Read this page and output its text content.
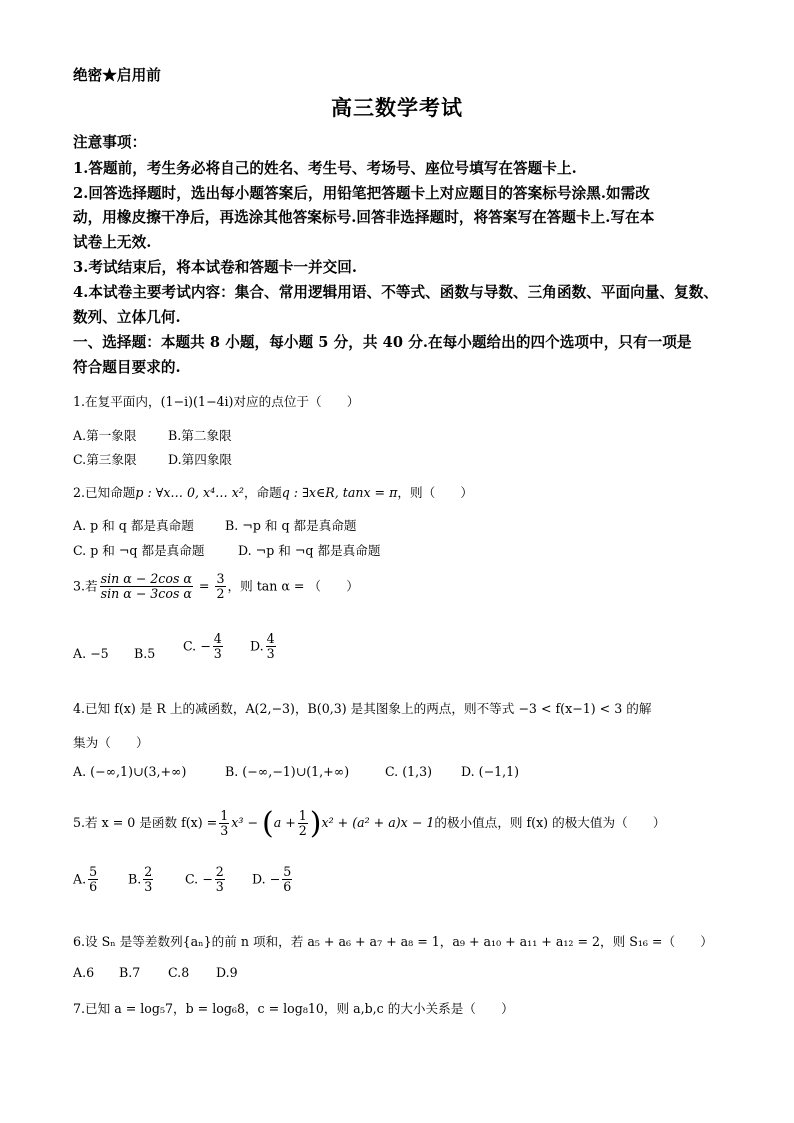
绝密★启用前
高三数学考试
注意事项：
1.答题前，考生务必将自己的姓名、考生号、考场号、座位号填写在答题卡上.
2.回答选择题时，选出每小题答案后，用铅笔把答题卡上对应题目的答案标号涂黑.如需改
动，用橡皮擦干净后，再选涂其他答案标号.回答非选择题时，将答案写在答题卡上.写在本
试卷上无效.
3.考试结束后，将本试卷和答题卡一并交回.
4.本试卷主要考试内容：集合、常用逻辑用语、不等式、函数与导数、三角函数、平面向量、复数、
数列、立体几何.
一、选择题：本题共 8 小题，每小题 5 分，共 40 分.在每小题给出的四个选项中，只有一项是
符合题目要求的.
1.在复平面内，(1−i)(1−4i)对应的点位于（　　）
A.第一象限	B.第二象限
C.第三象限 D.第四象限
2.已知命题p : ∀x… 0, x⁴… x²，命题q : ∃x∈R, tanx = π，则（　　）
A. p 和 q 都是真命题 B. ¬p 和 q 都是真命题
C. p 和 ¬q 都是真命题	D. ¬p 和 ¬q 都是真命题
3.若 $\frac{\text{sin α − 2cos α}}{\text{sin α − 3cos α}} = \frac{3}{2}$ ，则 tan α = （　　）
A. −5 B.5
C. − $\frac{4}{3} D$. $\frac{4}{3}$
4.已知 f(x) 是 R 上的减函数，A(2,−3)，B(0,3) 是其图象上的两点，则不等式 −3 < f(x−1) < 3 的解
集为（　　）
A. (−∞,1)∪(3,+∞)	B. (−∞,−1)∪(1,+∞)	C. (1,3) D. (−1,1)
5.若 x = 0 是函数 $f(x) = \frac{1}{3} x^3 - (a + \frac{1}{2} )x^2 + (a^2 + a)x - 1$的极小值点，则 f(x) 的极大值为（　　）
A. $\frac{5}{6} B$. $\frac{2}{3}$	C. − $\frac{2}{3} D$. − $\frac{5}{6}$
6.设 Sₙ 是等差数列{aₙ}的前 n 项和，若 a₅ + a₆ + a₇ + a₈ = 1，a₉ + a₁₀ + a₁₁ + a₁₂ = 2，则 S₁₆ =（　　）
A.6 B.7 C.8 D.9
7.已知 a = log₅7，b = log₆8，c = log₈10，则 a,b,c 的大小关系是（　　）
